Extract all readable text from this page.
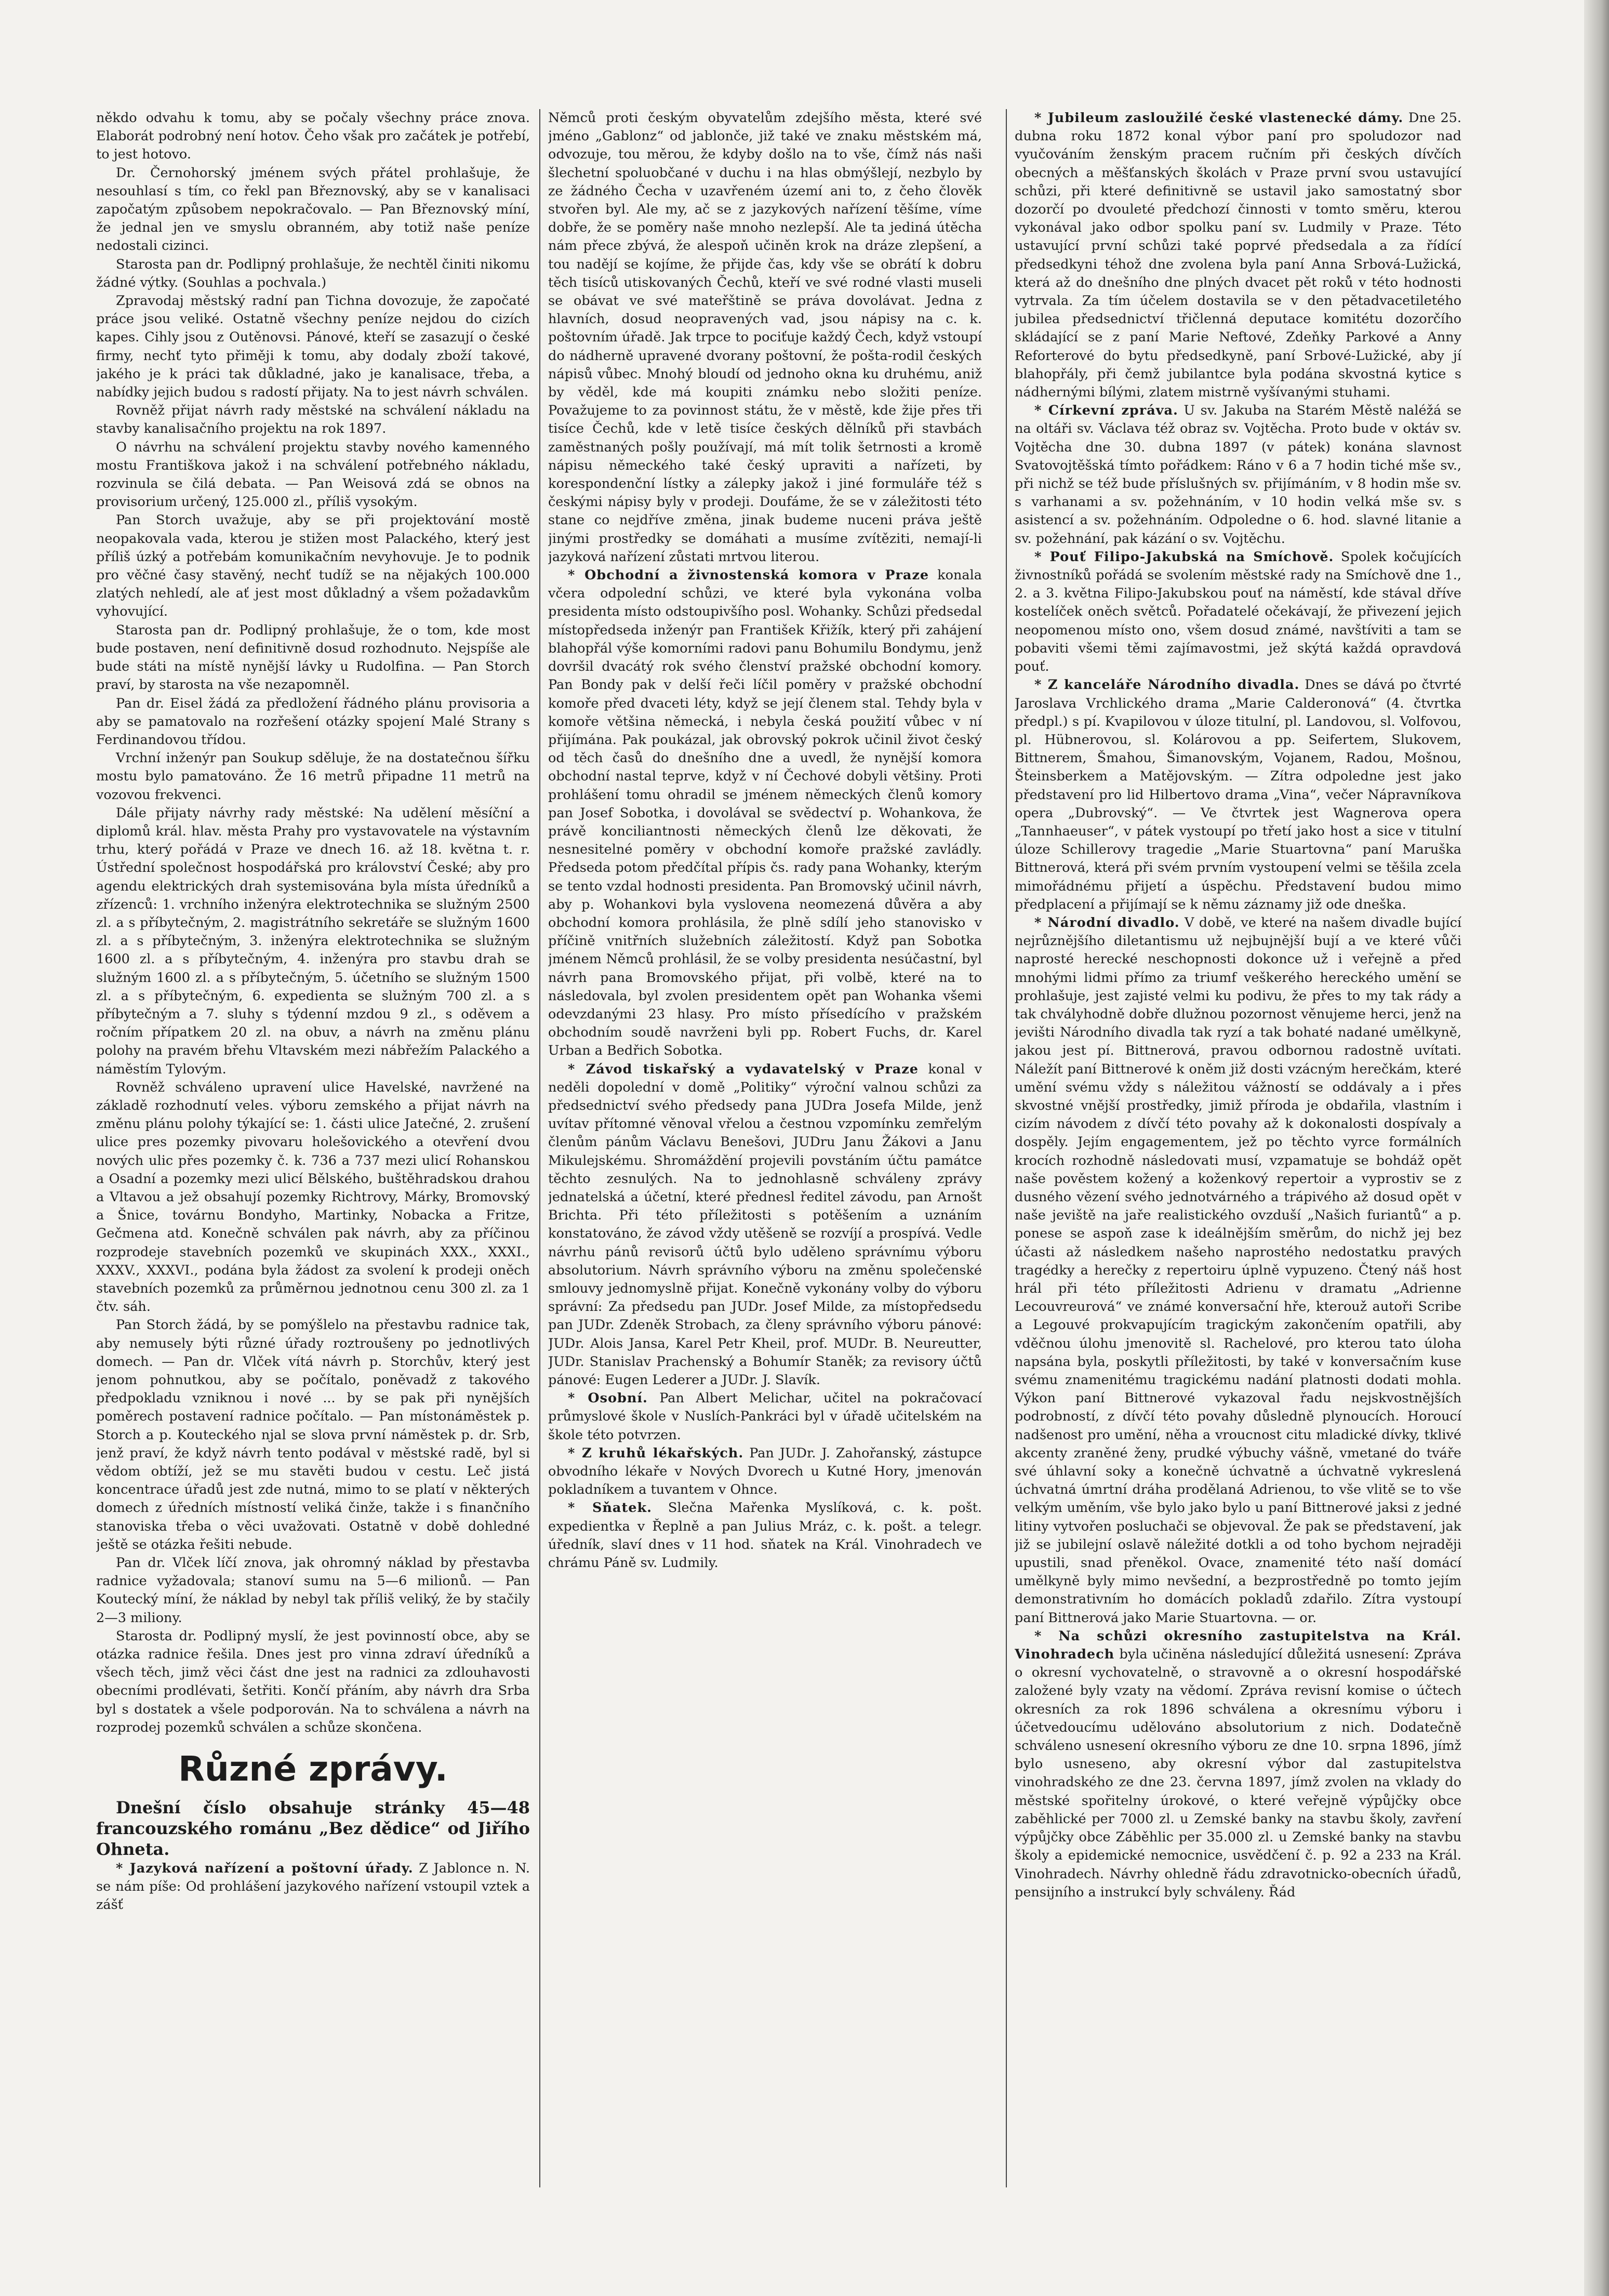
někdo odvahu k tomu, aby se počaly všechny práce znova. Elaborát podrobný není hotov. Čeho však pro začátek je potřebí, to jest hotovo.

Dr. Černohorský jménem svých přátel prohlašuje, že nesouhlasí s tím, co řekl pan Březnovský, aby se v kanalisaci započatým způsobem nepokračovalo. — Pan Březnovský míní, že jednal jen ve smyslu obranném, aby totiž naše peníze nedostali cizinci.

Starosta pan dr. Podlipný prohlašuje, že nechtěl činiti nikomu žádné výtky. (Souhlas a pochvala.)

Zpravodaj městský radní pan Tichna dovozuje, že započaté práce jsou veliké. Ostatně všechny peníze nejdou do cizích kapes. Cihly jsou z Outěnovsi. Pánové, kteří se zasazují o české firmy, nechť tyto přiměji k tomu, aby dodaly zboží takové, jakého je k práci tak důkladné, jako je kanalisace, třeba, a nabídky jejich budou s radostí přijaty. Na to jest návrh schválen.

Rovněž přijat návrh rady městské na schválení nákladu na stavby kanalisačního projektu na rok 1897.

O návrhu na schválení projektu stavby nového kamenného mostu Františkova jakož i na schválení potřebného nákladu, rozvinula se čilá debata. — Pan Weisová zdá se obnos na provisorium určený, 125.000 zl., příliš vysokým.

Pan Storch uvažuje, aby se při projektování mostě neopakovala vada, kterou je stižen most Palackého, který jest příliš úzký a potřebám komunikačním nevyhovuje. Je to podnik pro věčné časy stavěný, nechť tudíž se na nějakých 100.000 zlatých nehledí, ale ať jest most důkladný a všem požadavkům vyhovující.

Starosta pan dr. Podlipný prohlašuje, že o tom, kde most bude postaven, není definitivně dosud rozhodnuto. Nejspíše ale bude státi na místě nynější lávky u Rudolfina. — Pan Storch praví, by starosta na vše nezapomněl.

Pan dr. Eisel žádá za předložení řádného plánu provisoria a aby se pamatovalo na rozřešení otázky spojení Malé Strany s Ferdinandovou třídou.

Vrchní inženýr pan Soukup sděluje, že na dostatečnou šířku mostu bylo pamatováno. Že 16 metrů připadne 11 metrů na vozovou frekvenci.

Dále přijaty návrhy rady městské: Na udělení měsíční a diplomů král. hlav. města Prahy pro vystavovatele na výstavním trhu, který pořádá v Praze ve dnech 16. až 18. května t. r. Ústřední společnost hospodářská pro království České; aby pro agendu elektrických drah systemisována byla místa úředníků a zřízenců: 1. vrchního inženýra elektrotechnika se služným 2500 zl. a s příbytečným, 2. magistrátního sekretáře se služným 1600 zl. a s příbytečným, 3. inženýra elektrotechnika se služným 1600 zl. a s příbytečným, 4. inženýra pro stavbu drah se služným 1600 zl. a s příbytečným, 5. účetního se služným 1500 zl. a s příbytečným, 6. expedienta se služným 700 zl. a s příbytečným a 7. sluhy s týdenní mzdou 9 zl., s oděvem a ročním přípatkem 20 zl. na obuv, a návrh na změnu plánu polohy na pravém břehu Vltavském mezi nábřežím Palackého a náměstím Tylovým.

Rovněž schváleno upravení ulice Havelské, navržené na základě rozhodnutí veles. výboru zemského a přijat návrh na změnu plánu polohy týkající se: 1. části ulice Jatečné, 2. zrušení ulice pres pozemky pivovaru holešovického a otevření dvou nových ulic přes pozemky č. k. 736 a 737 mezi ulicí Rohanskou a Osadní a pozemky mezi ulicí Bělského, buštěhradskou drahou a Vltavou a jež obsahují pozemky Richtrovy, Márky, Bromovský a Šnice, továrnu Bondyho, Martinky, Nobacka a Fritze, Gečmena atd. Konečně schválen pak návrh, aby za příčinou rozprodeje stavebních pozemků ve skupinách XXX., XXXI., XXXV., XXXVI., podána byla žádost za svolení k prodeji oněch stavebních pozemků za průměrnou jednotnou cenu 300 zl. za 1 čtv. sáh.

Pan Storch žádá, by se pomýšlelo na přestavbu radnice tak, aby nemusely býti různé úřady roztroušeny po jednotlivých domech. — Pan dr. Vlček vítá návrh p. Storchův, který jest jenom pohnutkou, aby se počítalo, poněvadž z takového předpokladu vzniknou i nové ... by se pak při nynějších poměrech postavení radnice počítalo. — Pan místonáměstek p. Storch a p. Kouteckého njal se slova první náměstek p. dr. Srb, jenž praví, že když návrh tento podával v městské radě, byl si vědom obtíží, jež se mu stavěti budou v cestu. Leč jistá koncentrace úřadů jest zde nutná, mimo to se platí v některých domech z úředních místností veliká činže, takže i s finančního stanoviska třeba o věci uvažovati. Ostatně v době dohledné ještě se otázka řešiti nebude.

Pan dr. Vlček líčí znova, jak ohromný náklad by přestavba radnice vyžadovala; stanoví sumu na 5—6 milionů. — Pan Koutecký míní, že náklad by nebyl tak příliš veliký, že by stačily 2—3 miliony.

Starosta dr. Podlipný myslí, že jest povinností obce, aby se otázka radnice řešila. Dnes jest pro vinna zdraví úředníků a všech těch, jimž věci část dne jest na radnici za zdlouhavosti obecními prodlévati, šetřiti. Končí přáním, aby návrh dra Srba byl s dostatek a všele podporován. Na to schválena a návrh na rozprodej pozemků schválen a schůze skončena.

Různé zprávy.

Dnešní číslo obsahuje stránky 45—48 francouzského románu „Bez dědice“ od Jiřího Ohneta.

* Jazyková nařízení a poštovní úřady. Z Jablonce n. N. se nám píše: Od prohlášení jazykového nařízení vstoupil vztek a zášť

Němců proti českým obyvatelům zdejšího města, které své jméno „Gablonz“ od jablonče, již také ve znaku městském má, odvozuje, tou měrou, že kdyby došlo na to vše, čímž nás naši šlechetní spoluobčané v duchu i na hlas obmýšlejí, nezbylo by ze žádného Čecha v uzavřeném území ani to, z čeho člověk stvořen byl. Ale my, ač se z jazykových nařízení těšíme, víme dobře, že se poměry naše mnoho nezlepší. Ale ta jediná útěcha nám přece zbývá, že alespoň učiněn krok na dráze zlepšení, a tou nadějí se kojíme, že přijde čas, kdy vše se obrátí k dobru těch tisíců utiskovaných Čechů, kteří ve své rodné vlasti museli se obávat ve své mateřštině se práva dovolávat. Jedna z hlavních, dosud neopravených vad, jsou nápisy na c. k. poštovním úřadě. Jak trpce to pociťuje každý Čech, když vstoupí do nádherně upravené dvorany poštovní, že pošta-rodil českých nápisů vůbec. Mnohý bloudí od jednoho okna ku druhému, aniž by věděl, kde má koupiti známku nebo složiti peníze. Považujeme to za povinnost státu, že v městě, kde žije přes tři tisíce Čechů, kde v letě tisíce českých dělníků při stavbách zaměstnaných pošly používají, má mít tolik šetrnosti a kromě nápisu německého také český upraviti a nařízeti, by korespondenční lístky a zálepky jakož i jiné formuláře též s českými nápisy byly v prodeji. Doufáme, že se v záležitosti této stane co nejdříve změna, jinak budeme nuceni práva ještě jinými prostředky se domáhati a musíme zvítěziti, nemají-li jazyková nařízení zůstati mrtvou literou.

* Obchodní a živnostenská komora v Praze konala včera odpolední schůzi, ve které byla vykonána volba presidenta místo odstoupivšího posl. Wohanky. Schůzi předsedal místopředseda inženýr pan František Křižík, který při zahájení blahopřál výše komorními radovi panu Bohumilu Bondymu, jenž dovršil dvacátý rok svého členství pražské obchodní komory. Pan Bondy pak v delší řeči líčil poměry v pražské obchodní komoře před dvaceti léty, když se její členem stal. Tehdy byla v komoře většina německá, i nebyla česká použití vůbec v ní přijímána. Pak poukázal, jak obrovský pokrok učinil život český od těch časů do dnešního dne a uvedl, že nynější komora obchodní nastal teprve, když v ní Čechové dobyli většiny. Proti prohlášení tomu ohradil se jménem německých členů komory pan Josef Sobotka, i dovolával se svědectví p. Wohankova, že právě konciliantnosti německých členů lze děkovati, že nesnesitelné poměry v obchodní komoře pražské zavládly. Předseda potom předčítal přípis čs. rady pana Wohanky, kterým se tento vzdal hodnosti presidenta. Pan Bromovský učinil návrh, aby p. Wohankovi byla vyslovena neomezená důvěra a aby obchodní komora prohlásila, že plně sdílí jeho stanovisko v příčině vnitřních služebních záležitostí. Když pan Sobotka jménem Němců prohlásil, že se volby presidenta nesúčastní, byl návrh pana Bromovského přijat, při volbě, které na to následovala, byl zvolen presidentem opět pan Wohanka všemi odevzdanými 23 hlasy. Pro místo přísedícího v pražském obchodním soudě navrženi byli pp. Robert Fuchs, dr. Karel Urban a Bedřich Sobotka.

* Závod tiskařský a vydavatelský v Praze konal v neděli dopolední v domě „Politiky“ výroční valnou schůzi za předsednictví svého předsedy pana JUDra Josefa Milde, jenž uvítav přítomné věnoval vřelou a čestnou vzpomínku zemřelým členům pánům Václavu Benešovi, JUDru Janu Žákovi a Janu Mikulejskému. Shromáždění projevili povstáním účtu památce těchto zesnulých. Na to jednohlasně schváleny zprávy jednatelská a účetní, které přednesl ředitel závodu, pan Arnošt Brichta. Při této příležitosti s potěšením a uznáním konstatováno, že závod vždy utěšeně se rozvíjí a prospívá. Vedle návrhu pánů revisorů účtů bylo uděleno správnímu výboru absolutorium. Návrh správního výboru na změnu společenské smlouvy jednomyslně přijat. Konečně vykonány volby do výboru správní: Za předsedu pan JUDr. Josef Milde, za místopředsedu pan JUDr. Zdeněk Strobach, za členy správního výboru pánové: JUDr. Alois Jansa, Karel Petr Kheil, prof. MUDr. B. Neureutter, JUDr. Stanislav Prachenský a Bohumír Staněk; za revisory účtů pánové: Eugen Lederer a JUDr. J. Slavík.

* Osobní. Pan Albert Melichar, učitel na pokračovací průmyslové škole v Nuslích-Pankráci byl v úřadě učitelském na škole této potvrzen.

* Z kruhů lékařských. Pan JUDr. J. Zahořanský, zástupce obvodního lékaře v Nových Dvorech u Kutné Hory, jmenován pokladníkem a tuvantem v Ohnce.

* Sňatek. Slečna Mařenka Myslíková, c. k. pošt. expedientka v Řeplně a pan Julius Mráz, c. k. pošt. a telegr. úředník, slaví dnes v 11 hod. sňatek na Král. Vinohradech ve chrámu Páně sv. Ludmily.

* Jubileum zasloužilé české vlastenecké dámy. Dne 25. dubna roku 1872 konal výbor paní pro spoludozor nad vyučováním ženským pracem ručním při českých dívčích obecných a měšťanských školách v Praze první svou ustavující schůzi, při které definitivně se ustavil jako samostatný sbor dozorčí po dvouleté předchozí činnosti v tomto směru, kterou vykonával jako odbor spolku paní sv. Ludmily v Praze. Této ustavující první schůzi také poprvé předsedala a za řídící předsedkyni téhož dne zvolena byla paní Anna Srbová-Lužická, která až do dnešního dne plných dvacet pět roků v této hodnosti vytrvala. Za tím účelem dostavila se v den pětadvacetiletého jubilea předsednictví třičlenná deputace komitétu dozorčího skládající se z paní Marie Neftové, Zdeňky Parkové a Anny Reforterové do bytu předsedkyně, paní Srbové-Lužické, aby jí blahopřály, při čemž jubilantce byla podána skvostná kytice s nádhernými bílými, zlatem mistrně vyšívanými stuhami.

* Církevní zpráva. U sv. Jakuba na Starém Městě naléžá se na oltáři sv. Václava též obraz sv. Vojtěcha. Proto bude v oktáv sv. Vojtěcha dne 30. dubna 1897 (v pátek) konána slavnost Svatovojtěšská tímto pořádkem: Ráno v 6 a 7 hodin tiché mše sv., při nichž se též bude příslušných sv. přijímáním, v 8 hodin mše sv. s varhanami a sv. požehnáním, v 10 hodin velká mše sv. s asistencí a sv. požehnáním. Odpoledne o 6. hod. slavné litanie a sv. požehnání, pak kázání o sv. Vojtěchu.

* Pouť Filipo-Jakubská na Smíchově. Spolek kočujících živnostníků pořádá se svolením městské rady na Smíchově dne 1., 2. a 3. května Filipo-Jakubskou pouť na náměstí, kde stával dříve kostelíček oněch světců. Pořadatelé očekávají, že přivezení jejich neopomenou místo ono, všem dosud známé, navštíviti a tam se pobaviti všemi těmi zajímavostmi, jež skýtá každá opravdová pouť.

* Z kanceláře Národního divadla. Dnes se dává po čtvrté Jaroslava Vrchlického drama „Marie Calderonová“ (4. čtvrtka předpl.) s pí. Kvapilovou v úloze titulní, pl. Landovou, sl. Volfovou, pl. Hübnerovou, sl. Kolárovou a pp. Seifertem, Slukovem, Bittnerem, Šmahou, Šimanovským, Vojanem, Radou, Mošnou, Šteinsberkem a Matějovským. — Zítra odpoledne jest jako představení pro lid Hilbertovo drama „Vina“, večer Nápravníkova opera „Dubrovský“. — Ve čtvrtek jest Wagnerova opera „Tannhaeuser“, v pátek vystoupí po třetí jako host a sice v titulní úloze Schillerovy tragedie „Marie Stuartovna“ paní Maruška Bittnerová, která při svém prvním vystoupení velmi se těšila zcela mimořádnému přijetí a úspěchu. Představení budou mimo předplacení a přijímají se k němu záznamy již ode dneška.

* Národní divadlo. V době, ve které na našem divadle bující nejrůznějšího diletantismu už nejbujnější bují a ve které vůči naprosté herecké neschopnosti dokonce už i veřejně a před mnohými lidmi přímo za triumf veškerého hereckého umění se prohlašuje, jest zajisté velmi ku podivu, že přes to my tak rády a tak chvályhodně dobře dlužnou pozornost věnujeme herci, jenž na jevišti Národního divadla tak ryzí a tak bohaté nadané umělkyně, jakou jest pí. Bittnerová, pravou odbornou radostně uvítati. Náležít paní Bittnerové k oněm již dosti vzácným herečkám, které umění svému vždy s náležitou vážností se oddávaly a i přes skvostné vnější prostředky, jimiž příroda je obdařila, vlastním i cizím návodem z dívčí této povahy až k dokonalosti dospívaly a dospěly. Jejím engagementem, jež po těchto vyrce formálních krocích rozhodně následovati musí, vzpamatuje se bohdáž opět naše pověstem kožený a koženkový repertoir a vyprostiv se z dusného vězení svého jednotvárného a trápivého až dosud opět v naše jeviště na jaře realistického ovzduší „Našich furiantů“ a p. ponese se aspoň zase k ideálnějším směrům, do nichž jej bez účasti až následkem našeho naprostého nedostatku pravých tragédky a herečky z repertoiru úplně vypuzeno. Čtený náš host hrál při této příležitosti Adrienu v dramatu „Adrienne Lecouvreurová“ ve známé konversační hře, kterouž autoři Scribe a Legouvé prokvapujícím tragickým zakončením opatřili, aby vděčnou úlohu jmenovitě sl. Rachelové, pro kterou tato úloha napsána byla, poskytli příležitosti, by také v konversačním kuse svému znamenitému tragickému nadání platnosti dodati mohla. Výkon paní Bittnerové vykazoval řadu nejskvostnějších podrobností, z dívčí této povahy důsledně plynoucích. Horoucí nadšenost pro umění, něha a vroucnost citu mladické dívky, tklivé akcenty zraněné ženy, prudké výbuchy vášně, vmetané do tváře své úhlavní soky a konečně úchvatně a úchvatně vykreslená úchvatná úmrtní dráha prodělaná Adrienou, to vše vlitě se to vše velkým uměním, vše bylo jako bylo u paní Bittnerové jaksi z jedné litiny vytvořen posluchači se objevoval. Že pak se představení, jak již se jubilejní oslavě náležité dotkli a od toho bychom nejraději upustili, snad přeněkol. Ovace, znamenité této naší domácí umělkyně byly mimo nevšední, a bezprostředně po tomto jejím demonstrativním ho domácích pokladů zdařilo. Zítra vystoupí paní Bittnerová jako Marie Stuartovna. — or.

* Na schůzi okresního zastupitelstva na Král. Vinohradech byla učiněna následující důležitá usnesení: Zpráva o okresní vychovatelně, o stravovně a o okresní hospodářské založené byly vzaty na vědomí. Zpráva revisní komise o účtech okresních za rok 1896 schválena a okresnímu výboru i účetvedoucímu udělováno absolutorium z nich. Dodatečně schváleno usnesení okresního výboru ze dne 10. srpna 1896, jímž bylo usneseno, aby okresní výbor dal zastupitelstva vinohradského ze dne 23. června 1897, jímž zvolen na vklady do městské spořitelny úrokové, o které veřejně výpůjčky obce zaběhlické per 7000 zl. u Zemské banky na stavbu školy, zavření výpůjčky obce Záběhlic per 35.000 zl. u Zemské banky na stavbu školy a epidemické nemocnice, usvědčení č. p. 92 a 233 na Král. Vinohradech. Návrhy ohledně řádu zdravotnicko-obecních úřadů, pensijního a instrukcí byly schváleny. Řád
